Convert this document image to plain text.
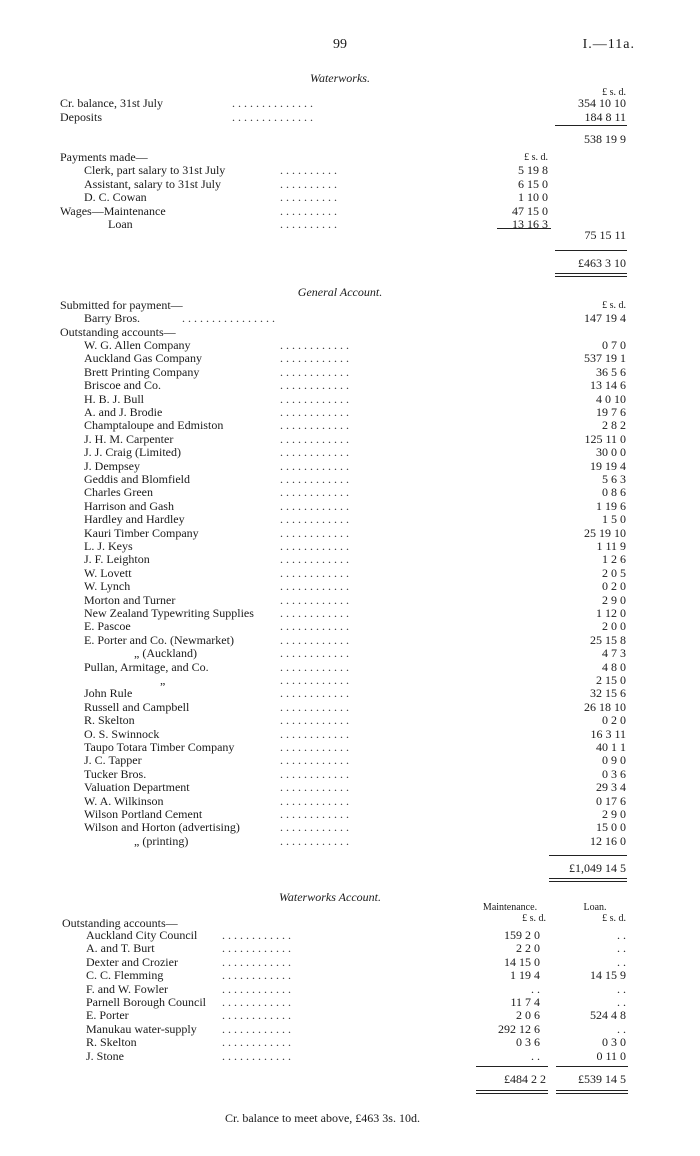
99	I.—11a.
Waterworks.
£ s. d.
Cr. balance, 31st July	. . . . . . . . . . . . . .	354 10 10
Deposits	. . . . . . . . . . . . . .	184 8 11
538 19 9
Payments made—	£ s. d.
Clerk, part salary to 31st July	. . . . . . . . . .	5 19 8
Assistant, salary to 31st July	. . . . . . . . . .	6 15 0
D. C. Cowan	. . . . . . . . . .	1 10 0
Wages—Maintenance	. . . . . . . . . .	47 15 0
Loan	. . . . . . . . . .	13 16 3
75 15 11
£463 3 10
General Account.
Submitted for payment—	£ s. d.
Barry Bros.	. . . . . . . . . . . . . . . .	147 19 4
Outstanding accounts—
W. G. Allen Company	. . . . . . . . . . . .	0 7 0
Auckland Gas Company	. . . . . . . . . . . .	537 19 1
Brett Printing Company	. . . . . . . . . . . .	36 5 6
Briscoe and Co.	. . . . . . . . . . . .	13 14 6
H. B. J. Bull	. . . . . . . . . . . .	4 0 10
A. and J. Brodie	. . . . . . . . . . . .	19 7 6
Champtaloupe and Edmiston	. . . . . . . . . . . .	2 8 2
J. H. M. Carpenter	. . . . . . . . . . . .	125 11 0
J. J. Craig (Limited)	. . . . . . . . . . . .	30 0 0
J. Dempsey	. . . . . . . . . . . .	19 19 4
Geddis and Blomfield	. . . . . . . . . . . .	5 6 3
Charles Green	. . . . . . . . . . . .	0 8 6
Harrison and Gash	. . . . . . . . . . . .	1 19 6
Hardley and Hardley	. . . . . . . . . . . .	1 5 0
Kauri Timber Company	. . . . . . . . . . . .	25 19 10
L. J. Keys	. . . . . . . . . . . .	1 11 9
J. F. Leighton	. . . . . . . . . . . .	1 2 6
W. Lovett	. . . . . . . . . . . .	2 0 5
W. Lynch	. . . . . . . . . . . .	0 2 0
Morton and Turner	. . . . . . . . . . . .	2 9 0
New Zealand Typewriting Supplies . . . . . . . . . . . .	1 12 0
E. Pascoe	. . . . . . . . . . . .	2 0 0
E. Porter and Co. (Newmarket)	. . . . . . . . . . . .	25 15 8
„ (Auckland)	. . . . . . . . . . . .	4 7 3
Pullan, Armitage, and Co.	. . . . . . . . . . . .	4 8 0
„	. . . . . . . . . . . .	2 15 0
John Rule	. . . . . . . . . . . .	32 15 6
Russell and Campbell	. . . . . . . . . . . .	26 18 10
R. Skelton	. . . . . . . . . . . .	0 2 0
O. S. Swinnock	. . . . . . . . . . . .	16 3 11
Taupo Totara Timber Company	. . . . . . . . . . . .	40 1 1
J. C. Tapper	. . . . . . . . . . . .	0 9 0
Tucker Bros.	. . . . . . . . . . . .	0 3 6
Valuation Department	. . . . . . . . . . . .	29 3 4
W. A. Wilkinson	. . . . . . . . . . . .	0 17 6
Wilson Portland Cement	. . . . . . . . . . . .	2 9 0
Wilson and Horton (advertising)	. . . . . . . . . . . .	15 0 0
„ (printing)	. . . . . . . . . . . .	12 16 0
£1,049 14 5
Waterworks Account.
Maintenance.	Loan.
£ s. d.	£ s. d.
Outstanding accounts—
Auckland City Council . . . . . . . . . . . .	159 2 0	. .
A. and T. Burt	. . . . . . . . . . . .	2 2 0	. .
Dexter and Crozier	. . . . . . . . . . . .	14 15 0	. .
C. C. Flemming	. . . . . . . . . . . .	1 19 4	14 15 9
F. and W. Fowler	. . . . . . . . . . . .	. .	. .
Parnell Borough Council . . . . . . . . . . . .	11 7 4	. .
E. Porter	. . . . . . . . . . . .	2 0 6	524 4 8
Manukau water-supply . . . . . . . . . . . .	292 12 6	. .
R. Skelton	. . . . . . . . . . . .	0 3 6	0 3 0
J. Stone	. . . . . . . . . . . .	. .	0 11 0
£484 2 2	£539 14 5
Cr. balance to meet above, £463 3s. 10d.
